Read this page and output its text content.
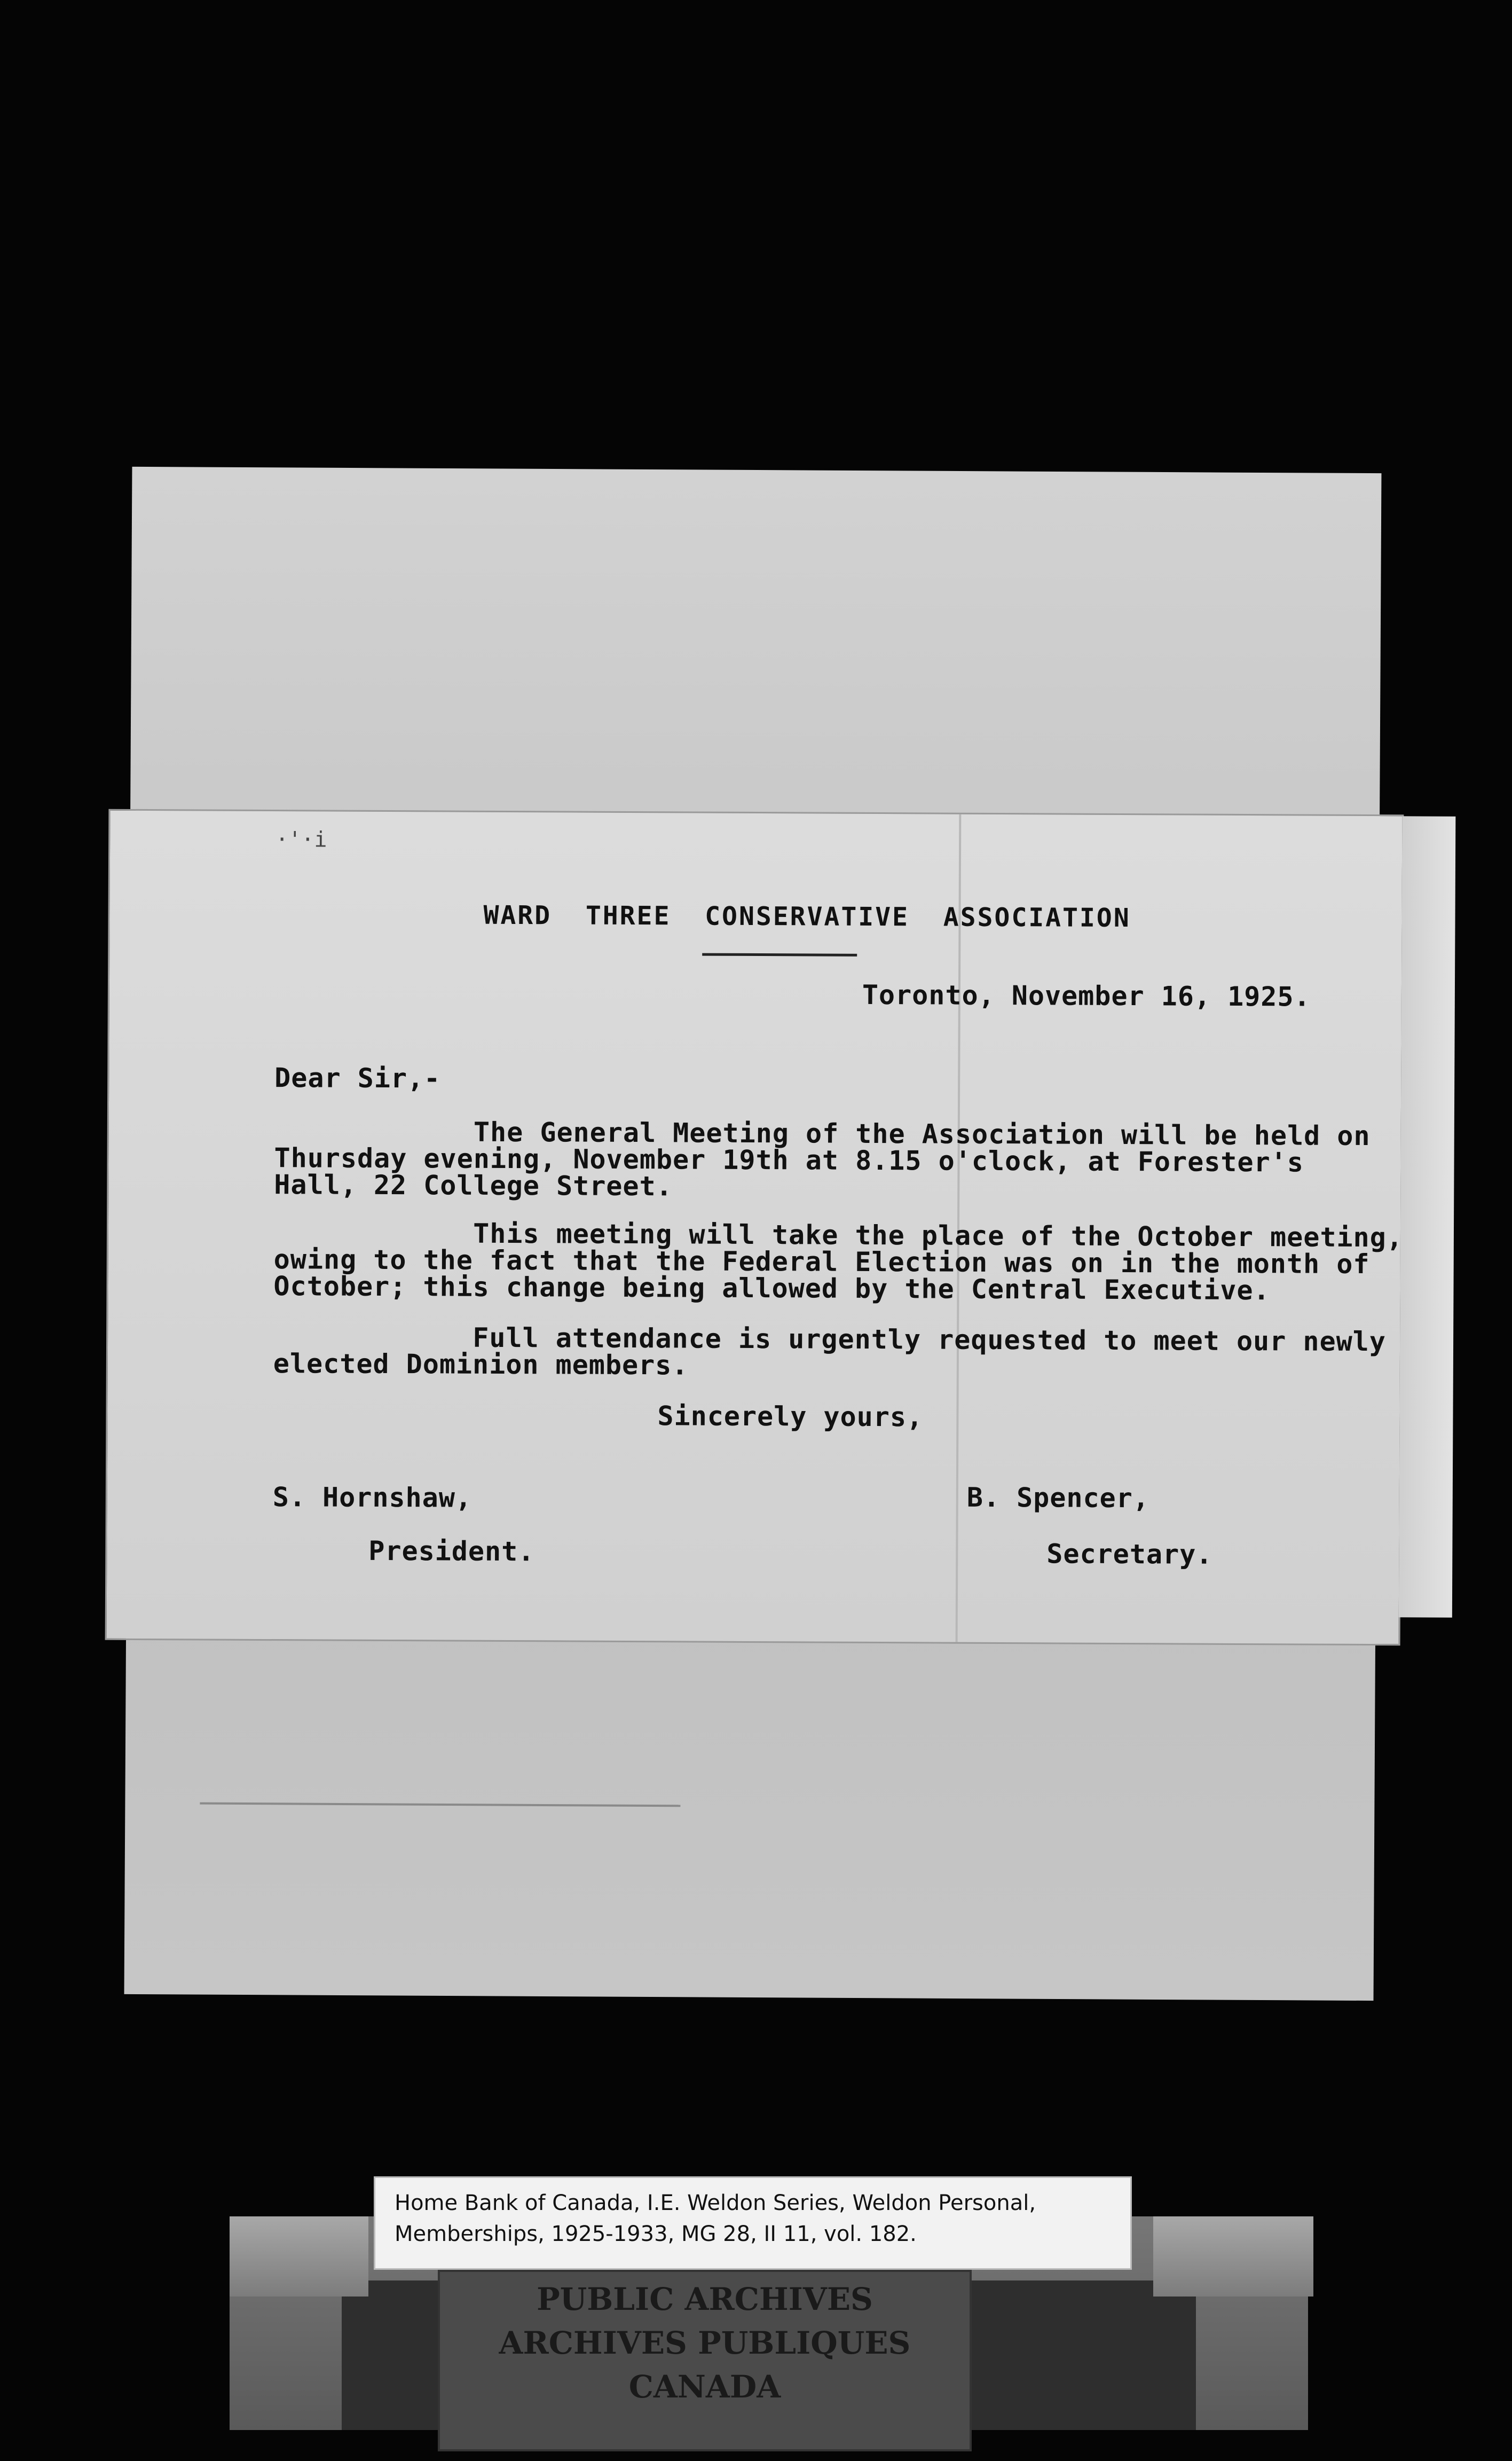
·'·i
WARD  THREE  CONSERVATIVE  ASSOCIATION
Toronto, November 16, 1925.
Dear Sir,-
The General Meeting of the Association will be held on
Thursday evening, November 19th at 8.15 o'clock, at Forester's
Hall, 22 College Street.
This meeting will take the place of the October meeting,
owing to the fact that the Federal Election was on in the month of
October; this change being allowed by the Central Executive.
Full attendance is urgently requested to meet our newly
elected Dominion members.
Sincerely yours,
S. Hornshaw,
President.
B. Spencer,
Secretary.
PUBLIC ARCHIVES
ARCHIVES PUBLIQUES
CANADA
Home Bank of Canada, I.E. Weldon Series, Weldon Personal,
Memberships, 1925-1933, MG 28, II 11, vol. 182.
